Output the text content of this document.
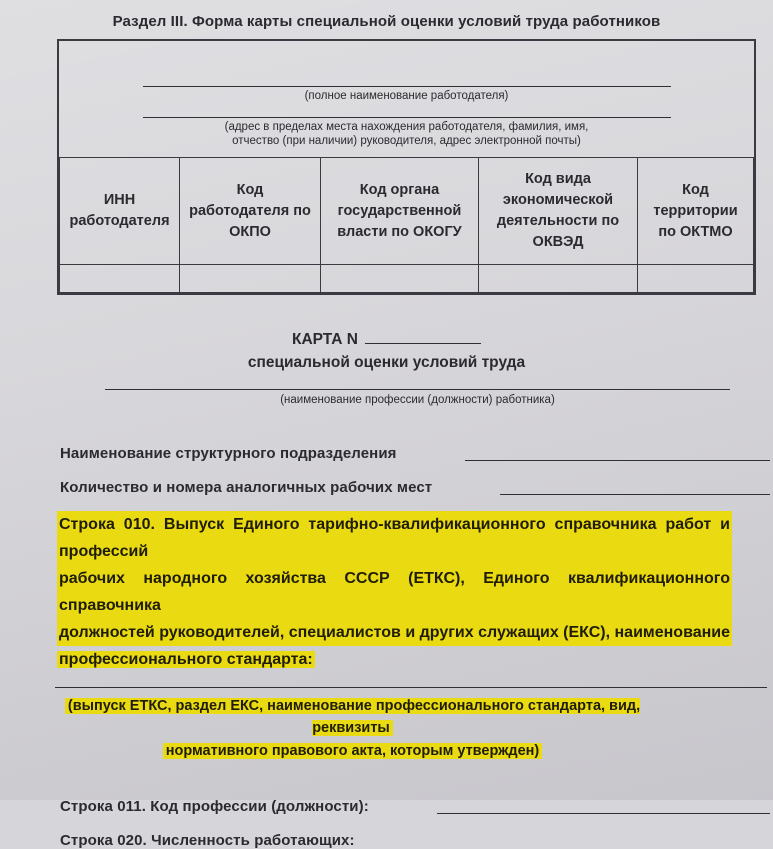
Раздел III. Форма карты специальной оценки условий труда работников
(полное наименование работодателя)
(адрес в пределах места нахождения работодателя, фамилия, имя,
отчество (при наличии) руководителя, адрес электронной почты)
ИНН работодателя	Код работодателя по ОКПО	Код органа государственной власти по ОКОГУ	Код вида экономической деятельности по ОКВЭД	Код территории по ОКТМО

КАРТА N
специальной оценки условий труда
(наименование профессии (должности) работника)
Наименование структурного подразделения
Количество и номера аналогичных рабочих мест
Строка 010. Выпуск Единого тарифно-квалификационного справочника работ и профессий
рабочих народного хозяйства СССР (ЕТКС), Единого квалификационного справочника
должностей руководителей, специалистов и других служащих (ЕКС), наименование
профессионального стандарта:
(выпуск ЕТКС, раздел ЕКС, наименование профессионального стандарта, вид, реквизиты
нормативного правового акта, которым утвержден)
Строка 011. Код профессии (должности):
Строка 020. Численность работающих:
